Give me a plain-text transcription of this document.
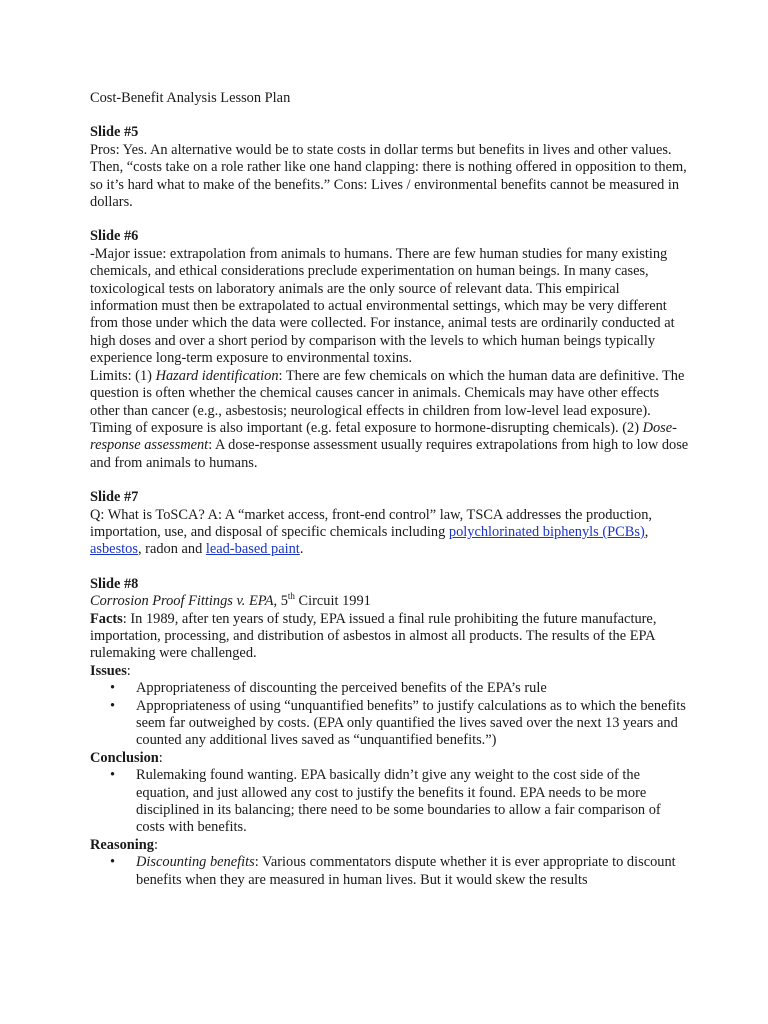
Cost-Benefit Analysis Lesson Plan

Slide #5

Pros: Yes. An alternative would be to state costs in dollar terms but benefits in lives and other values. Then, “costs take on a role rather like one hand clapping: there is nothing offered in opposition to them, so it’s hard what to make of the benefits.” Cons: Lives / environmental benefits cannot be measured in dollars.

Slide #6

-Major issue: extrapolation from animals to humans. There are few human studies for many existing chemicals, and ethical considerations preclude experimentation on human beings. In many cases, toxicological tests on laboratory animals are the only source of relevant data. This empirical information must then be extrapolated to actual environmental settings, which may be very different from those under which the data were collected. For instance, animal tests are ordinarily conducted at high doses and over a short period by comparison with the levels to which human beings typically experience long-term exposure to environmental toxins.

Limits: (1) Hazard identification: There are few chemicals on which the human data are definitive. The question is often whether the chemical causes cancer in animals. Chemicals may have other effects other than cancer (e.g., asbestosis; neurological effects in children from low-level lead exposure). Timing of exposure is also important (e.g. fetal exposure to hormone-disrupting chemicals). (2) Dose-response assessment: A dose-response assessment usually requires extrapolations from high to low dose and from animals to humans.

Slide #7

Q: What is ToSCA? A: A “market access, front-end control” law, TSCA addresses the production, importation, use, and disposal of specific chemicals including polychlorinated biphenyls (PCBs), asbestos, radon and lead-based paint.

Slide #8

Corrosion Proof Fittings v. EPA, 5th Circuit 1991

Facts: In 1989, after ten years of study, EPA issued a final rule prohibiting the future manufacture, importation, processing, and distribution of asbestos in almost all products. The results of the EPA rulemaking were challenged.

Issues:

• Appropriateness of discounting the perceived benefits of the EPA’s rule
• Appropriateness of using “unquantified benefits” to justify calculations as to which the benefits seem far outweighed by costs. (EPA only quantified the lives saved over the next 13 years and counted any additional lives saved as “unquantified benefits.”)

Conclusion:

• Rulemaking found wanting. EPA basically didn’t give any weight to the cost side of the equation, and just allowed any cost to justify the benefits it found. EPA needs to be more disciplined in its balancing; there need to be some boundaries to allow a fair comparison of costs with benefits.

Reasoning:

• Discounting benefits: Various commentators dispute whether it is ever appropriate to discount benefits when they are measured in human lives. But it would skew the results
